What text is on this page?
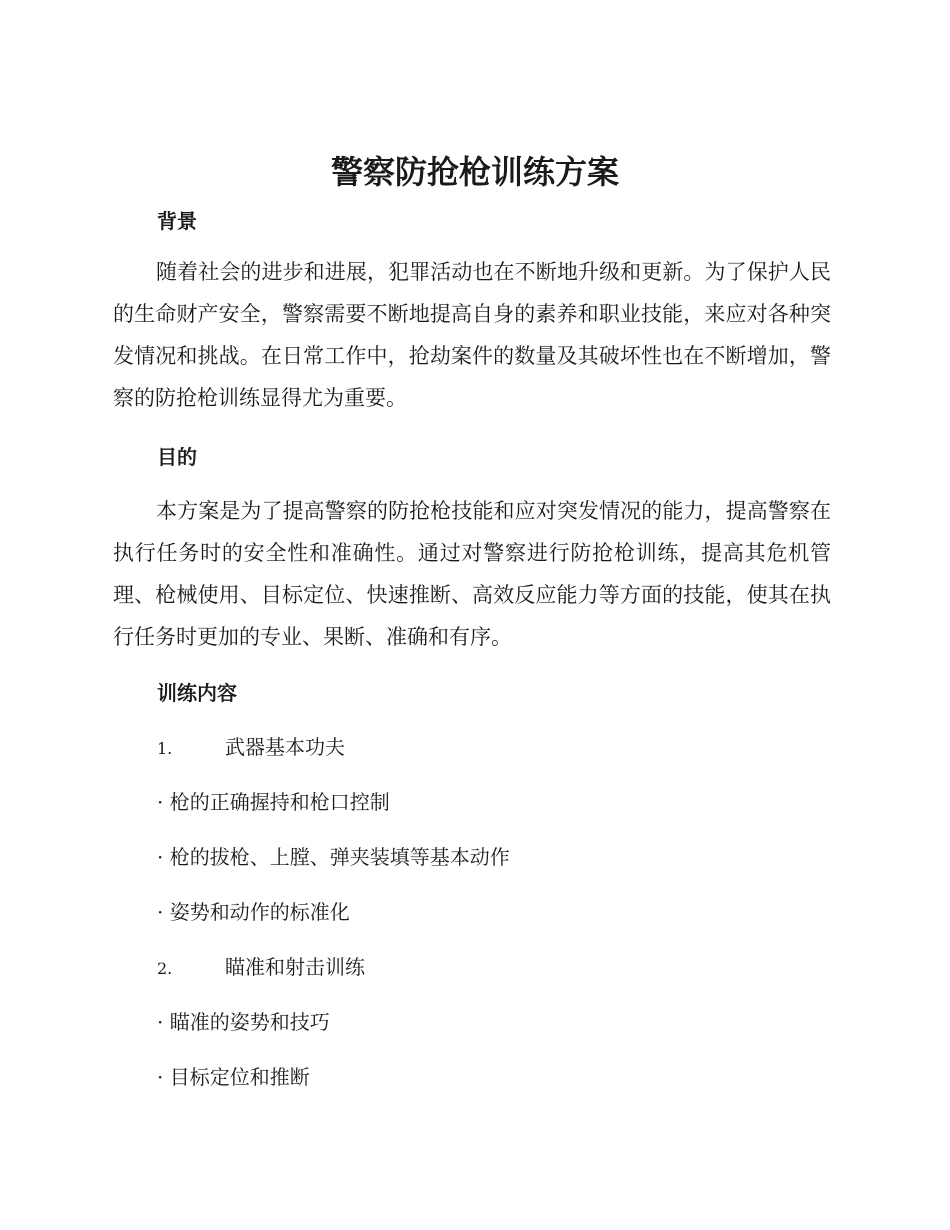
警察防抢枪训练方案
背景

随着社会的进步和进展，犯罪活动也在不断地升级和更新。为了保护人民的生命财产安全，警察需要不断地提高自身的素养和职业技能，来应对各种突发情况和挑战。在日常工作中，抢劫案件的数量及其破坏性也在不断增加，警察的防抢枪训练显得尤为重要。

目的

本方案是为了提高警察的防抢枪技能和应对突发情况的能力，提高警察在执行任务时的安全性和准确性。通过对警察进行防抢枪训练，提高其危机管理、枪械使用、目标定位、快速推断、高效反应能力等方面的技能，使其在执行任务时更加的专业、果断、准确和有序。

训练内容
1.	武器基本功夫
· 枪的正确握持和枪口控制
· 枪的拔枪、上膛、弹夹装填等基本动作
· 姿势和动作的标准化
2.	瞄准和射击训练
· 瞄准的姿势和技巧
· 目标定位和推断
